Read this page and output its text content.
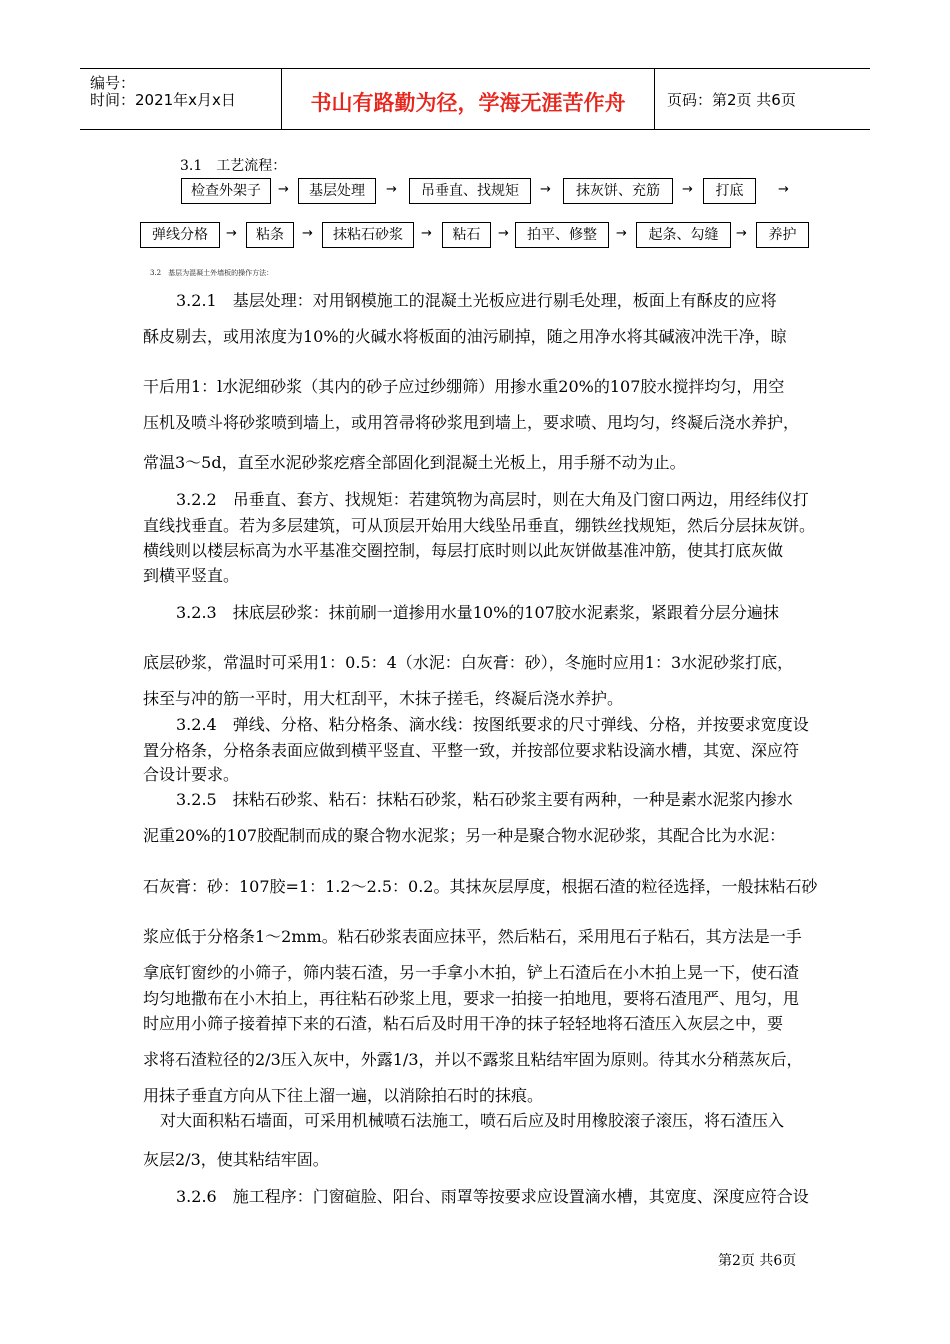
编号：
时间：2021年x月x日	书山有路勤为径，学海无涯苦作舟	页码：第2页 共6页
3.1　工艺流程：
检查外架子	→	基层处理	→	吊垂直、找规矩	→	抹灰饼、充筋	→	打底	→
弹线分格	→	粘条	→	抹粘石砂浆	→	粘石	→	拍平、修整	→	起条、勾缝	→	养护
3.2　基层为混凝土外墙板的操作方法：
3.2.1　基层处理：对用钢模施工的混凝土光板应进行剔毛处理，板面上有酥皮的应将
酥皮剔去，或用浓度为10%的火碱水将板面的油污刷掉，随之用净水将其碱液冲洗干净，晾
干后用1：l水泥细砂浆（其内的砂子应过纱绷筛）用掺水重20%的107胶水搅拌均匀，用空
压机及喷斗将砂浆喷到墙上，或用笤帚将砂浆甩到墙上，要求喷、甩均匀，终凝后浇水养护，
常温3～5d，直至水泥砂浆疙瘩全部固化到混凝土光板上，用手掰不动为止。
3.2.2　吊垂直、套方、找规矩：若建筑物为高层时，则在大角及门窗口两边，用经纬仪打
直线找垂直。若为多层建筑，可从顶层开始用大线坠吊垂直，绷铁丝找规矩，然后分层抹灰饼。
横线则以楼层标高为水平基准交圈控制，每层打底时则以此灰饼做基准冲筋，使其打底灰做
到横平竖直。
3.2.3　抹底层砂浆：抹前刷一道掺用水量10%的107胶水泥素浆，紧跟着分层分遍抹
底层砂浆，常温时可采用1：0.5：4（水泥：白灰膏：砂），冬施时应用1：3水泥砂浆打底，
抹至与冲的筋一平时，用大杠刮平，木抹子搓毛，终凝后浇水养护。
3.2.4　弹线、分格、粘分格条、滴水线：按图纸要求的尺寸弹线、分格，并按要求宽度设
置分格条，分格条表面应做到横平竖直、平整一致，并按部位要求粘设滴水槽，其宽、深应符
合设计要求。
3.2.5　抹粘石砂浆、粘石：抹粘石砂浆，粘石砂浆主要有两种，一种是素水泥浆内掺水
泥重20%的107胶配制而成的聚合物水泥浆；另一种是聚合物水泥砂浆，其配合比为水泥：
石灰膏：砂：107胶=1：1.2～2.5：0.2。其抹灰层厚度，根据石渣的粒径选择，一般抹粘石砂
浆应低于分格条1～2mm。粘石砂浆表面应抹平，然后粘石，采用甩石子粘石，其方法是一手
拿底钉窗纱的小筛子，筛内装石渣，另一手拿小木拍，铲上石渣后在小木拍上晃一下，使石渣
均匀地撒布在小木拍上，再往粘石砂浆上甩，要求一拍接一拍地甩，要将石渣甩严、甩匀，甩
时应用小筛子接着掉下来的石渣，粘石后及时用干净的抹子轻轻地将石渣压入灰层之中，要
求将石渣粒径的2/3压入灰中，外露1/3，并以不露浆且粘结牢固为原则。待其水分稍蒸灰后，
用抹子垂直方向从下往上溜一遍，以消除拍石时的抹痕。
对大面积粘石墙面，可采用机械喷石法施工，喷石后应及时用橡胶滚子滚压，将石渣压入
灰层2/3，使其粘结牢固。
3.2.6　施工程序：门窗碹脸、阳台、雨罩等按要求应设置滴水槽，其宽度、深度应符合设
第2页 共6页
